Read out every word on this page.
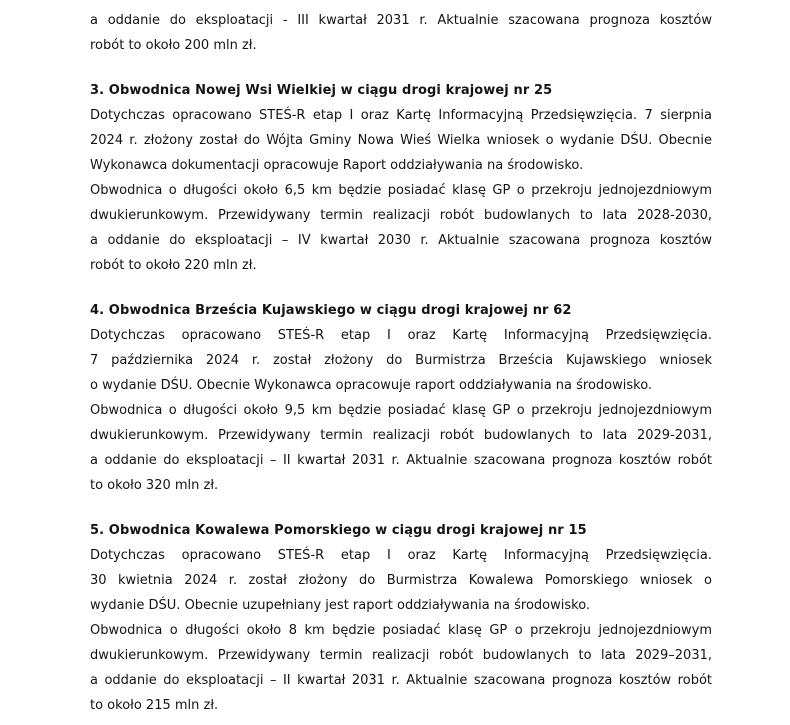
a oddanie do eksploatacji - III kwartał 2031 r. Aktualnie szacowana prognoza kosztów
robót to około 200 mln zł.
3. Obwodnica Nowej Wsi Wielkiej w ciągu drogi krajowej nr 25
Dotychczas opracowano STEŚ-R etap I oraz Kartę Informacyjną Przedsięwzięcia. 7 sierpnia
2024 r. złożony został do Wójta Gminy Nowa Wieś Wielka wniosek o wydanie DŚU. Obecnie
Wykonawca dokumentacji opracowuje Raport oddziaływania na środowisko.
Obwodnica o długości około 6,5 km będzie posiadać klasę GP o przekroju jednojezdniowym
dwukierunkowym. Przewidywany termin realizacji robót budowlanych to lata 2028-2030,
a oddanie do eksploatacji – IV kwartał 2030 r. Aktualnie szacowana prognoza kosztów
robót to około 220 mln zł.
4. Obwodnica Brześcia Kujawskiego w ciągu drogi krajowej nr 62
Dotychczas opracowano STEŚ-R etap I oraz Kartę Informacyjną Przedsięwzięcia.
7 października 2024 r. został złożony do Burmistrza Brześcia Kujawskiego wniosek
o wydanie DŚU. Obecnie Wykonawca opracowuje raport oddziaływania na środowisko.
Obwodnica o długości około 9,5 km będzie posiadać klasę GP o przekroju jednojezdniowym
dwukierunkowym. Przewidywany termin realizacji robót budowlanych to lata 2029-2031,
a oddanie do eksploatacji – II kwartał 2031 r. Aktualnie szacowana prognoza kosztów robót
to około 320 mln zł.
5. Obwodnica Kowalewa Pomorskiego w ciągu drogi krajowej nr 15
Dotychczas opracowano STEŚ-R etap I oraz Kartę Informacyjną Przedsięwzięcia.
30 kwietnia 2024 r. został złożony do Burmistrza Kowalewa Pomorskiego wniosek o
wydanie DŚU. Obecnie uzupełniany jest raport oddziaływania na środowisko.
Obwodnica o długości około 8 km będzie posiadać klasę GP o przekroju jednojezdniowym
dwukierunkowym. Przewidywany termin realizacji robót budowlanych to lata 2029–2031,
a oddanie do eksploatacji – II kwartał 2031 r. Aktualnie szacowana prognoza kosztów robót
to około 215 mln zł.
